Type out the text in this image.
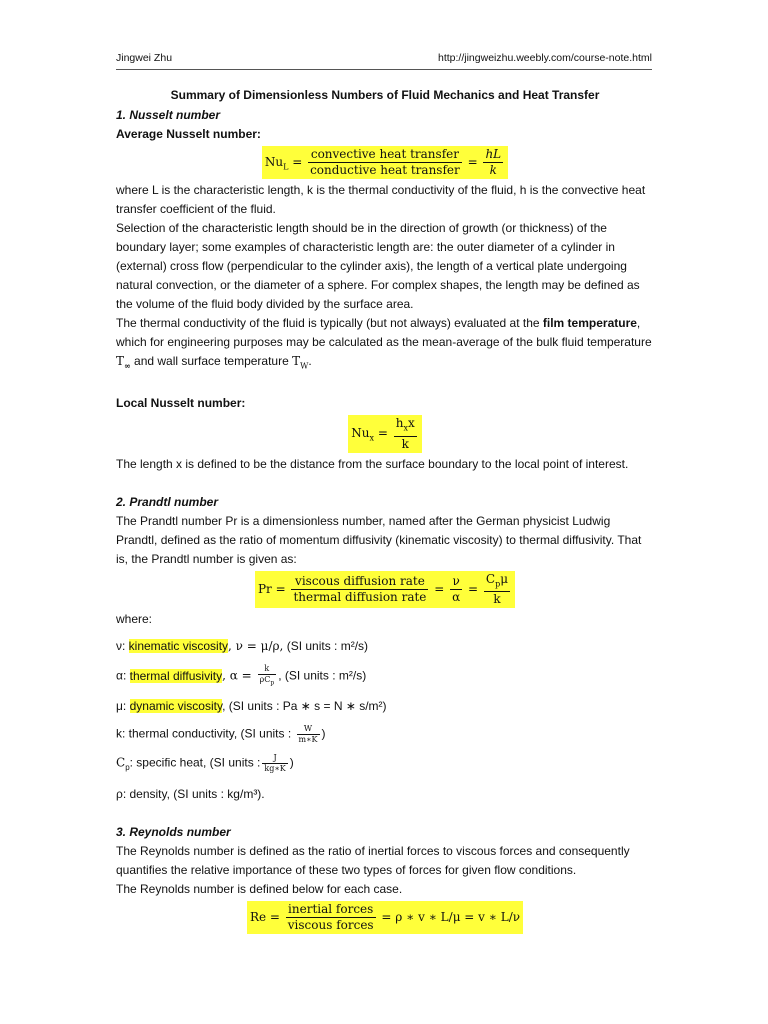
Jingwei Zhu	http://jingweizhu.weebly.com/course-note.html

Summary of Dimensionless Numbers of Fluid Mechanics and Heat Transfer

1. Nusselt number

Average Nusselt number:

$Nu_L = \frac{\text{convective heat transfer}}{\text{conductive heat transfer}} = \frac{hL}{k}$

where L is the characteristic length, k is the thermal conductivity of the fluid, h is the convective heat transfer coefficient of the fluid.

Selection of the characteristic length should be in the direction of growth (or thickness) of the boundary layer; some examples of characteristic length are: the outer diameter of a cylinder in (external) cross flow (perpendicular to the cylinder axis), the length of a vertical plate undergoing natural convection, or the diameter of a sphere. For complex shapes, the length may be defined as the volume of the fluid body divided by the surface area.

The thermal conductivity of the fluid is typically (but not always) evaluated at the film temperature, which for engineering purposes may be calculated as the mean-average of the bulk fluid temperature $T_\infty$ and wall surface temperature $T_W$.

Local Nusselt number:

$Nu_x = \frac{h_xx}{k}$

The length x is defined to be the distance from the surface boundary to the local point of interest.

2. Prandtl number

The Prandtl number Pr is a dimensionless number, named after the German physicist Ludwig Prandtl, defined as the ratio of momentum diffusivity (kinematic viscosity) to thermal diffusivity. That is, the Prandtl number is given as:

$Pr = \frac{\text{viscous diffusion rate}}{\text{thermal diffusion rate}} = \frac{\nu}{\alpha} = \frac{C_p\mu}{k}$

where:

ν: kinematic viscosity, ν = μ/ρ, (SI units : m²/s)

α: thermal diffusivity, $\alpha = \frac{k}{\rho C_p}$ , (SI units : m²/s)

μ: dynamic viscosity, (SI units : Pa ∗ s = N ∗ s/m²)

k: thermal conductivity, (SI units : $\frac{W}{m∗K}$ )

$C_p$: specific heat, (SI units : $\frac{J}{kg∗K}$ )

ρ: density, (SI units : kg/m³).

3. Reynolds number

The Reynolds number is defined as the ratio of inertial forces to viscous forces and consequently quantifies the relative importance of these two types of forces for given flow conditions.

The Reynolds number is defined below for each case.

$Re = \frac{\text{inertial forces}}{\text{viscous forces}} = \rho$ ∗ v ∗ L/μ = v ∗ L/ν
